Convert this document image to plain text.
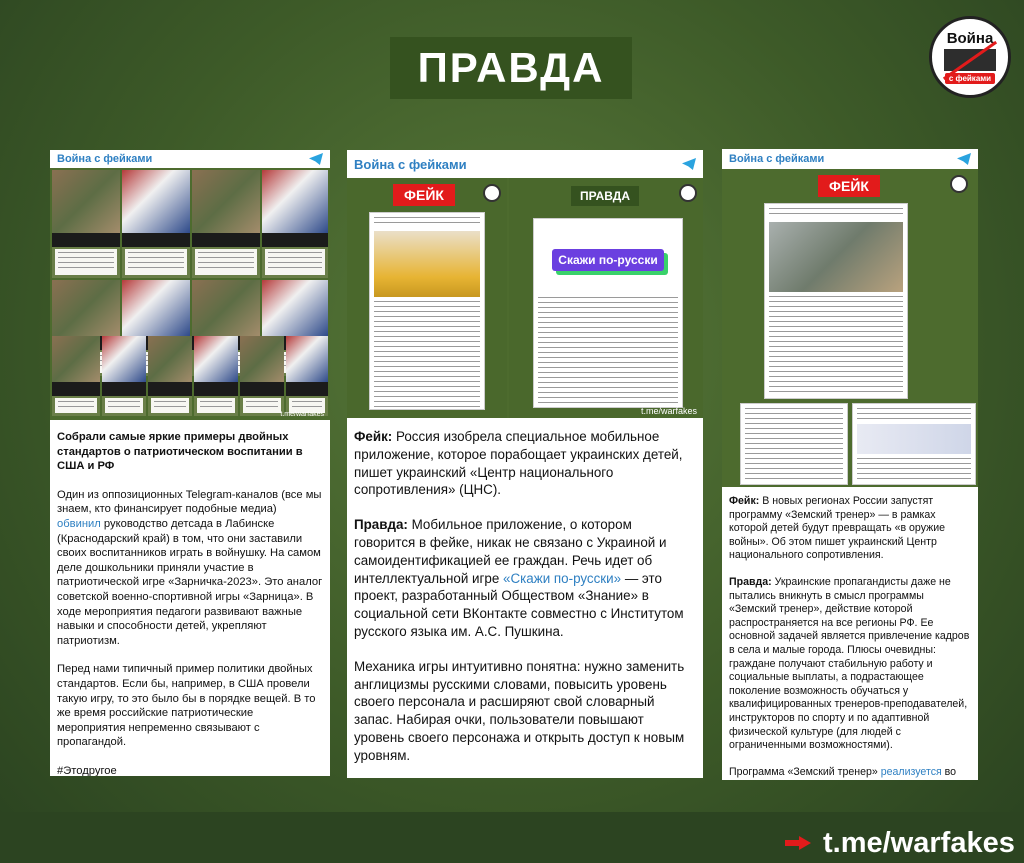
ПРАВДА
Война
с фейками
Война с фейками
t.me/warfakes

Собрали самые яркие примеры двойных стандартов о патриотическом воспитании в США и РФ

Один из оппозиционных Telegram-каналов (все мы знаем, кто финансирует подобные медиа) обвинил руководство детсада в Лабинске (Краснодарский край) в том, что они заставили своих воспитанников играть в войнушку. На самом деле дошкольники приняли участие в патриотической игре «Зарничка-2023». Это аналог советской военно-спортивной игры «Зарница». В ходе мероприятия педагоги развивают важные навыки и способности детей, укрепляют патриотизм.

Перед нами типичный пример политики двойных стандартов. Если бы, например, в США провели такую игру, то это было бы в порядке вещей. В то же время российские патриотические мероприятия непременно связывают с пропагандой.

#Этодругое

Война с фейками
ФЕЙК	ПРАВДА
Скажи по-русски
t.me/warfakes

Фейк: Россия изобрела специальное мобильное приложение, которое порабощает украинских детей, пишет украинский «Центр национального сопротивления» (ЦНС).

Правда: Мобильное приложение, о котором говорится в фейке, никак не связано с Украиной и самоидентификацией ее граждан. Речь идет об интеллектуальной игре «Скажи по-русски» — это проект, разработанный Обществом «Знание» в социальной сети ВКонтакте совместно с Институтом русского языка им. А.С. Пушкина.

Механика игры интуитивно понятна: нужно заменить англицизмы русскими словами, повысить уровень своего персонала и расширяют свой словарный запас. Набирая очки, пользователи повышают уровень своего персонажа и открыть доступ к новым уровням.

Война с фейками
ФЕЙК

Фейк: В новых регионах России запустят программу «Земский тренер» — в рамках которой детей будут превращать «в оружие войны». Об этом пишет украинский Центр национального сопротивления.

Правда: Украинские пропагандисты даже не пытались вникнуть в смысл программы «Земский тренер», действие которой распространяется на все регионы РФ. Ее основной задачей является привлечение кадров в села и малые города. Плюсы очевидны: граждане получают стабильную работу и социальные выплаты, а подрастающее поколение возможность обучаться у квалифицированных тренеров-преподавателей, инструкторов по спорту и по адаптивной физической культуре (для людей с ограниченными возможностями).

Программа «Земский тренер» реализуется во

t.me/warfakes
